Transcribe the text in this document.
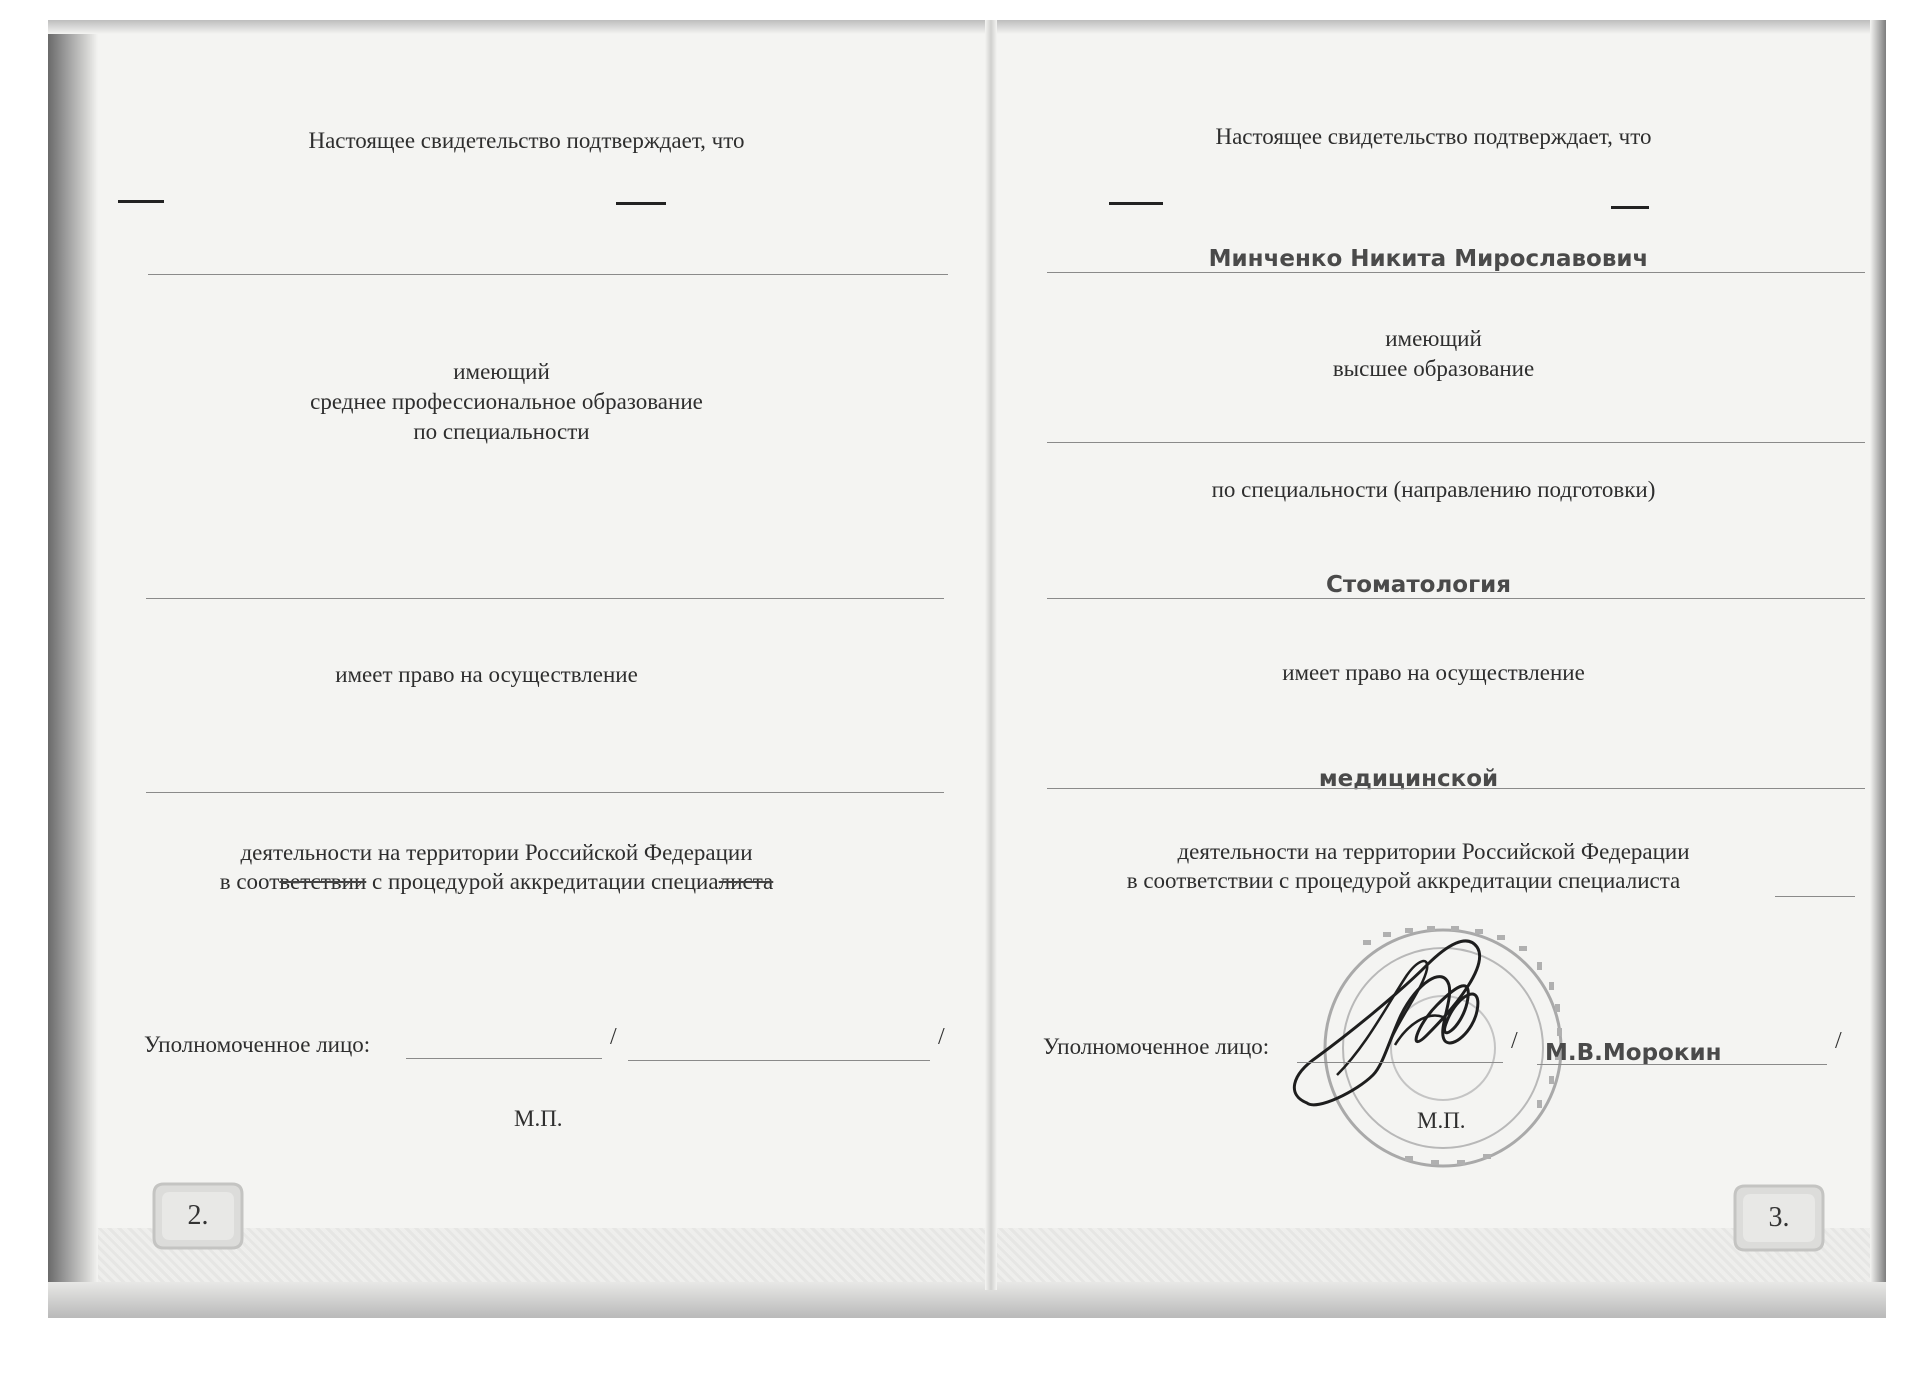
Настоящее свидетельство подтверждает, что
имеющий
среднее профессиональное образование
по специальности
имеет право на осуществление
деятельности на территории Российской Федерации
в соответствии с процедурой аккредитации специалиста
Уполномоченное лицо:	/	/
М.П.
2.
Настоящее свидетельство подтверждает, что
Минченко Никита Мирославович
имеющий
высшее образование
по специальности (направлению подготовки)
Стоматология
имеет право на осуществление
медицинской
деятельности на территории Российской Федерации
в соответствии с процедурой аккредитации специалиста
Уполномоченное лицо:	/ М.В.Морокин	/
М.П.
3.
